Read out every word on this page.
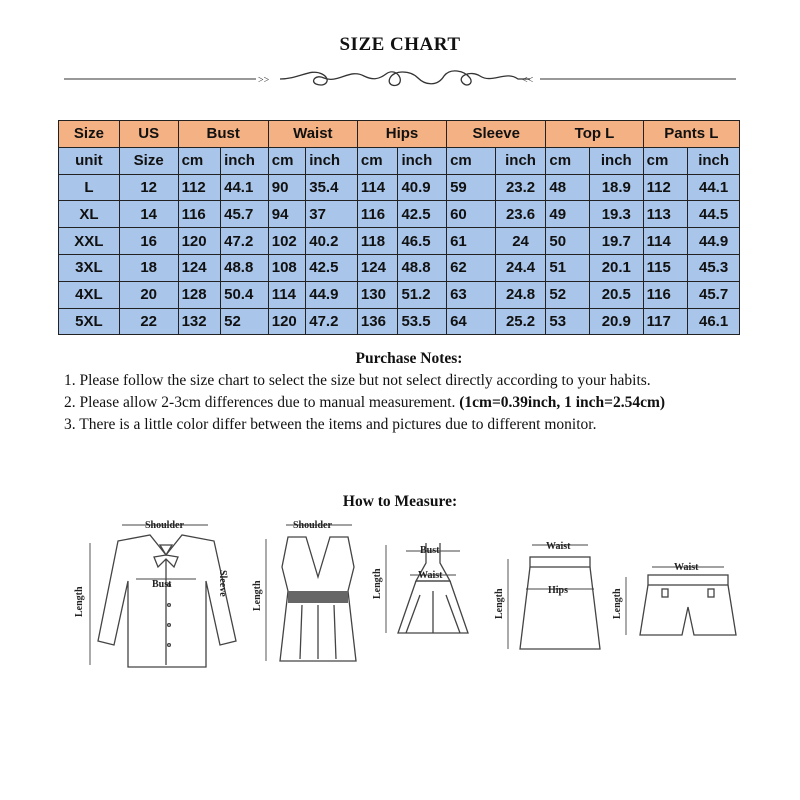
SIZE CHART
>>	<<
Size	US	Bust		Waist		Hips		Sleeve		Top L		Pants L	
unit	Size	cm	inch	cm	inch	cm	inch	cm	inch	cm	inch	cm	inch
L	12	112	44.1	90	35.4	114	40.9	59	23.2	48	18.9	112	44.1
XL	14	116	45.7	94	37	116	42.5	60	23.6	49	19.3	113	44.5
XXL	16	120	47.2	102	40.2	118	46.5	61	24	50	19.7	114	44.9
3XL	18	124	48.8	108	42.5	124	48.8	62	24.4	51	20.1	115	45.3
4XL	20	128	50.4	114	44.9	130	51.2	63	24.8	52	20.5	116	45.7
5XL	22	132	52	120	47.2	136	53.5	64	25.2	53	20.9	117	46.1
Purchase Notes:
1. Please follow the size chart to select the size but not select directly according to your habits.
2. Please allow 2-3cm differences due to manual measurement. (1cm=0.39inch, 1 inch=2.54cm)
3. There is a little color differ between the items and pictures due to different monitor.
How to Measure:
Shoulder
Bust	Sleeve
Length
Shoulder
Length
Bust
Waist
Length
Waist
Hips
Length
Waist
Length
